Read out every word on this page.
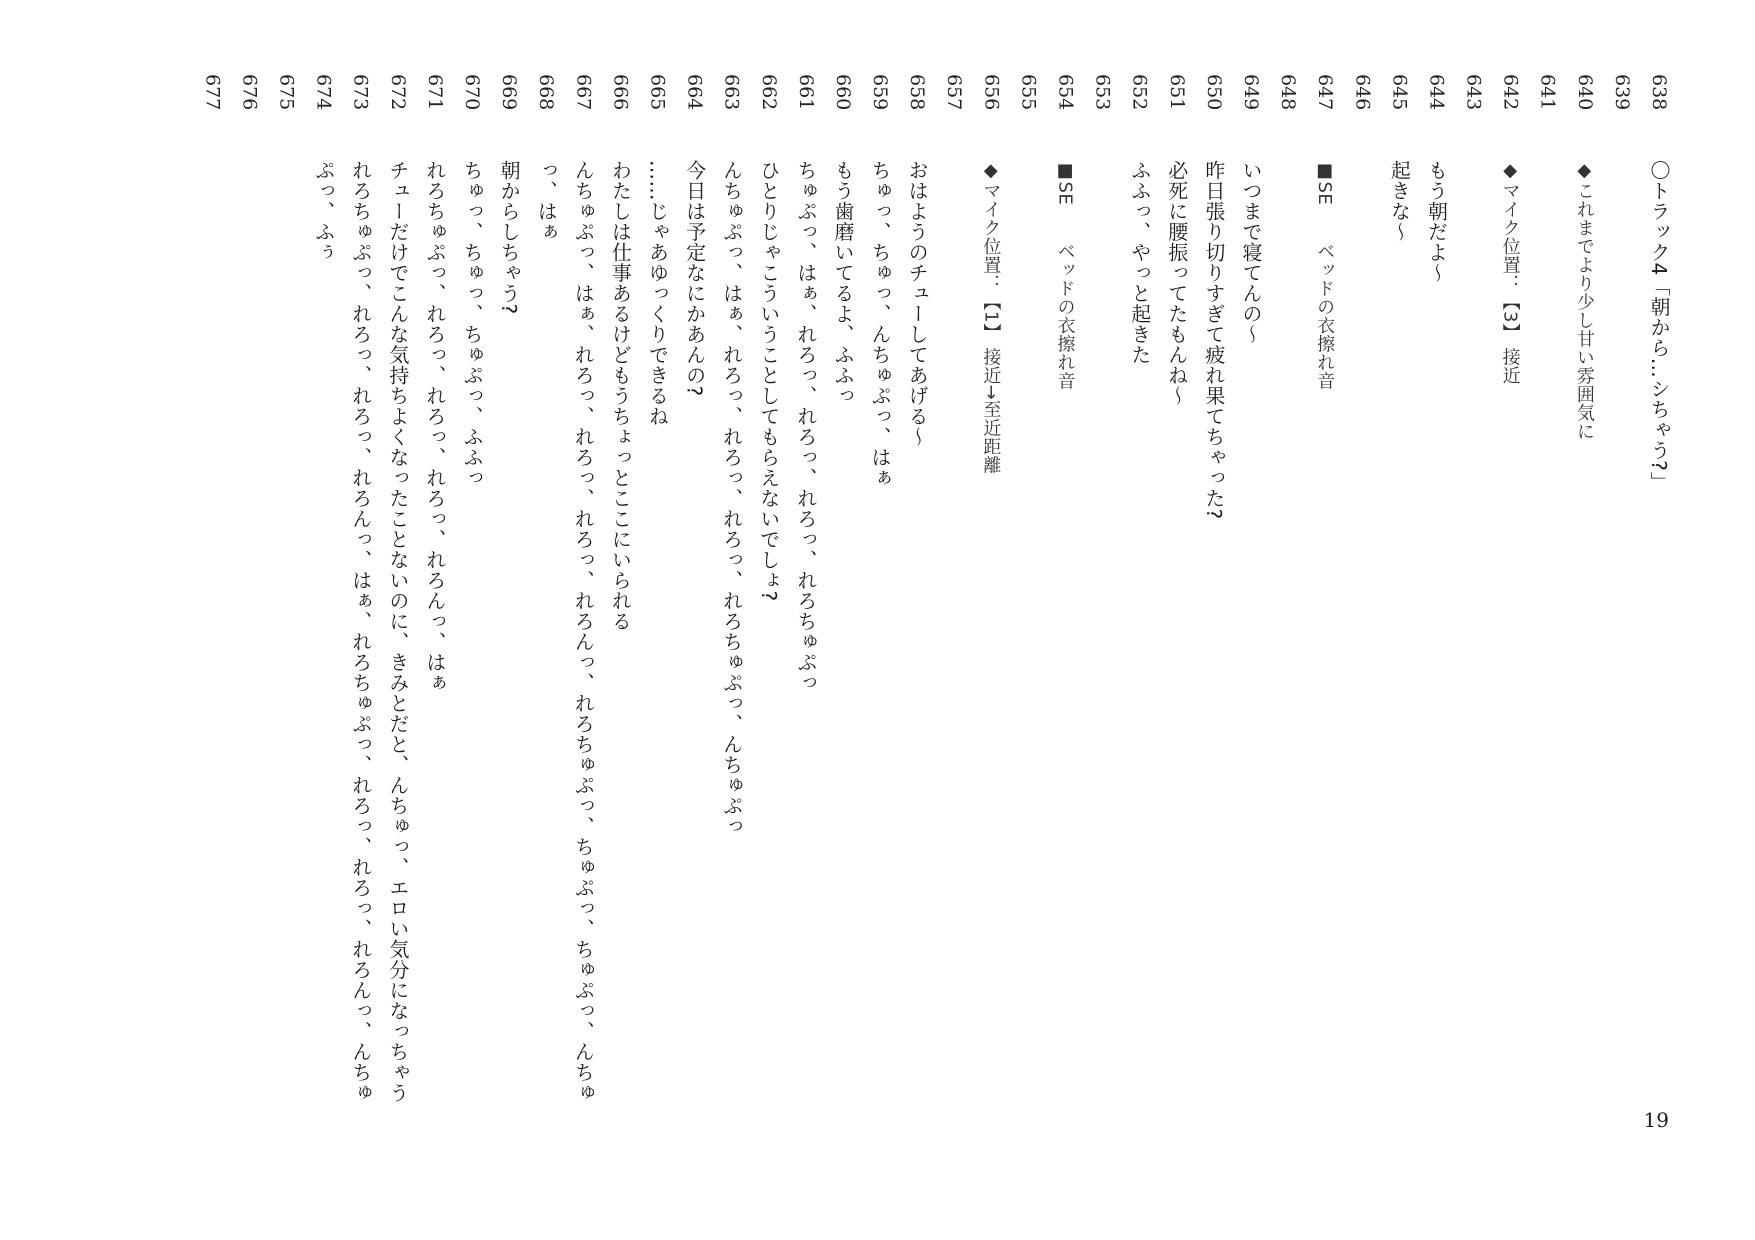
638
〇トラック4「朝から…シちゃう?」
639
640
◆これまでより少し甘い雰囲気に
641
642
◆マイク位置：【3】 接近
643
644
もう朝だよ〜
645
起きな〜
646
647
■SE　　ベッドの衣擦れ音
648
649
いつまで寝てんの〜
650
昨日張り切りすぎて疲れ果てちゃった?
651
必死に腰振ってたもんね〜
652
ふふっ、やっと起きた
653
654
■SE　　ベッドの衣擦れ音
655
656
◆マイク位置：【1】 接近→至近距離
657
658
おはようのチューしてあげる〜
659
ちゅっ、ちゅっ、んちゅぷっ、はぁ
660
もう歯磨いてるよ、ふふっ
661
ちゅぷっ、はぁ、れろっ、れろっ、れろっ、れろちゅぷっ
662
ひとりじゃこういうことしてもらえないでしょ?
663
んちゅぷっ、はぁ、れろっ、れろっ、れろっ、れろちゅぷっ、んちゅぷっ
664
今日は予定なにかあんの?
665
……じゃあゆっくりできるね
666
わたしは仕事あるけどもうちょっとここにいられる
667
んちゅぷっ、はぁ、れろっ、れろっ、れろっ、れろんっ、れろちゅぷっ、ちゅぷっ、ちゅぷっ、んちゅ
668
っ、はぁ
669
朝からしちゃう?
670
ちゅっ、ちゅっ、ちゅぷっ、ふふっ
671
れろちゅぷっ、れろっ、れろっ、れろっ、れろんっ、はぁ
672
チューだけでこんな気持ちよくなったことないのに、きみとだと、んちゅっ、エロい気分になっちゃう
673
れろちゅぷっ、れろっ、れろっ、れろんっ、はぁ、れろちゅぷっ、れろっ、れろっ、れろんっ、んちゅ
674
ぷっ、ふぅ
675
676
677
19
